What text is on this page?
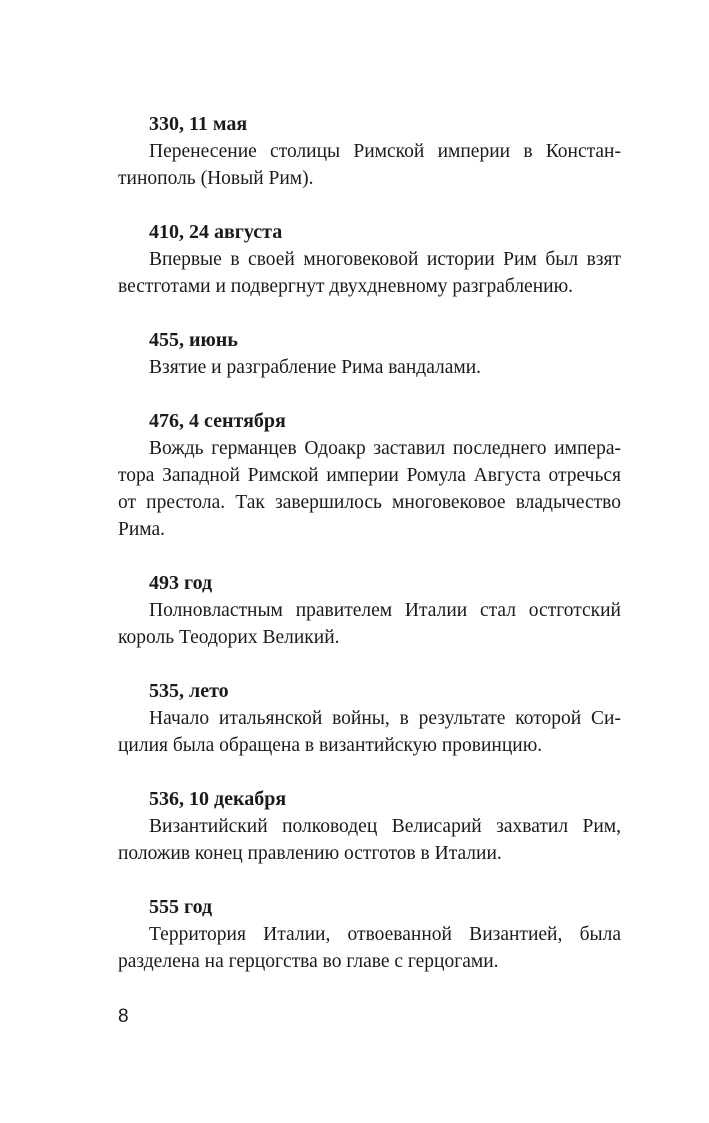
330, 11 мая

Перенесение столицы Римской империи в Константинополь (Новый Рим).

410, 24 августа

Впервые в своей многовековой истории Рим был взят вестготами и подвергнут двухдневному разграблению.

455, июнь

Взятие и разграбление Рима вандалами.

476, 4 сентября

Вождь германцев Одоакр заставил последнего императора Западной Римской империи Ромула Августа отречься от престола. Так завершилось многовековое владычество Рима.

493 год

Полновластным правителем Италии стал остготский король Теодорих Великий.

535, лето

Начало итальянской войны, в результате которой Сицилия была обращена в византийскую провинцию.

536, 10 декабря

Византийский полководец Велисарий захватил Рим, положив конец правлению остготов в Италии.

555 год

Территория Италии, отвоеванной Византией, была разделена на герцогства во главе с герцогами.

8
